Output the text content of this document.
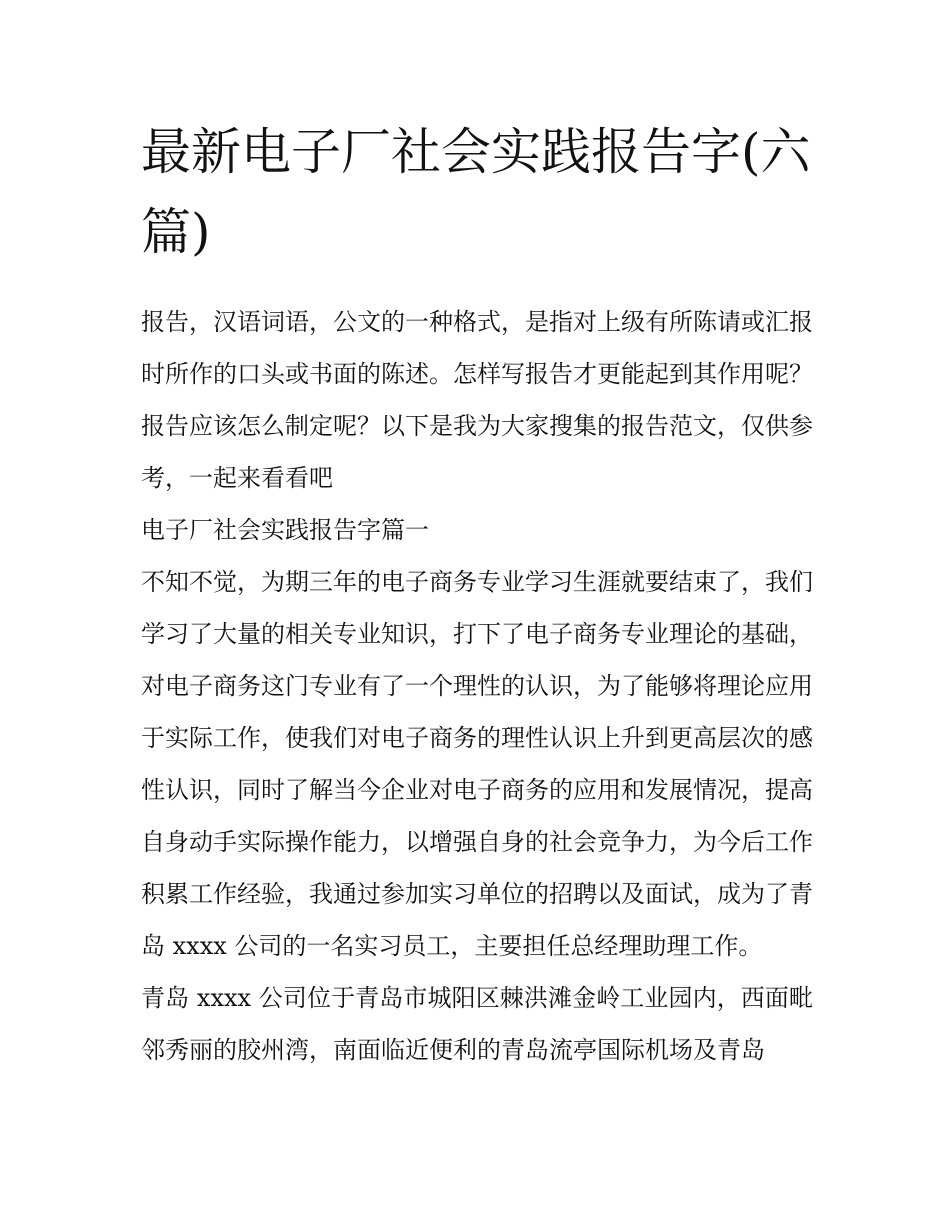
最新电子厂社会实践报告字(六篇)

报告，汉语词语，公文的一种格式，是指对上级有所陈请或汇报时所作的口头或书面的陈述。怎样写报告才更能起到其作用呢？报告应该怎么制定呢？以下是我为大家搜集的报告范文，仅供参考，一起来看看吧

电子厂社会实践报告字篇一

不知不觉，为期三年的电子商务专业学习生涯就要结束了，我们学习了大量的相关专业知识，打下了电子商务专业理论的基础，对电子商务这门专业有了一个理性的认识，为了能够将理论应用于实际工作，使我们对电子商务的理性认识上升到更高层次的感性认识，同时了解当今企业对电子商务的应用和发展情况，提高自身动手实际操作能力，以增强自身的社会竞争力，为今后工作积累工作经验，我通过参加实习单位的招聘以及面试，成为了青岛 xxxx 公司的一名实习员工，主要担任总经理助理工作。

青岛 xxxx 公司位于青岛市城阳区棘洪滩金岭工业园内，西面毗邻秀丽的胶州湾，南面临近便利的青岛流亭国际机场及青岛
